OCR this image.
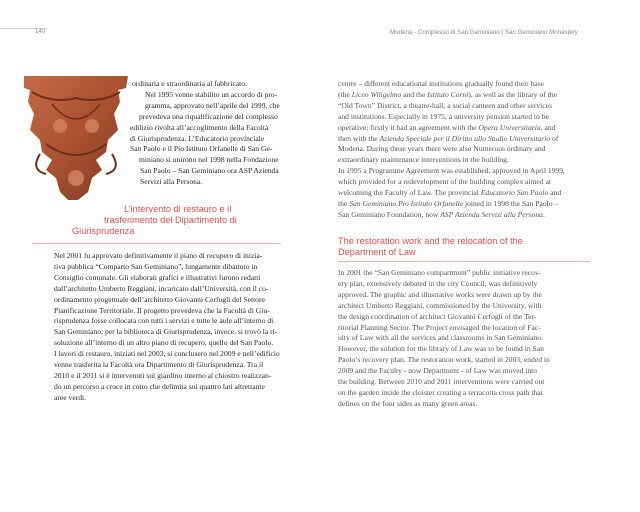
140	Modena - Complesso di San Geminiano | San Geminiano Monastery
ordinaria e straordinaria al fabbricato.
Nel 1995 venne stabilito un accordo di pro-
gramma, approvato nell’aprile del 1999, che
prevedeva una riqualificazione del complesso
edilizio rivolta all’accoglimento della Facoltà
di Giurisprudenza. L’Educatorio provinciale
San Paolo e il Pio Istituto Orfanelle di San Ge-
miniano si unirono nel 1998 nella Fondazione
San Paolo – San Geminiano ora ASP Azienda
Servizi alla Persona.
L’intervento di restauro e il
trasferimento del Dipartimento di
Giurisprudenza
Nel 2001 fu approvato definitivamente il piano di recupero di inizia-
tiva pubblica “Comparto San Geminiano”, lungamente dibattuto in
Consiglio comunale. Gli elaborati grafici e illustrativi furono redatti
dall’architetto Umberto Reggiani, incaricato dall’Università, con il co-
ordinamento progettuale dell’architetto Giovanni Cerfogli del Settore
Pianificazione Territoriale. Il progetto prevedeva che la Facoltà di Giu-
risprudenza fosse collocata con tutti i servizi e tutte le aule all’interno di
San Geminiano; per la biblioteca di Giurisprudenza, invece, si trovò la ri-
soluzione all’interno di un altro piano di recupero, quello del San Paolo.
I lavori di restauro, iniziati nel 2003, si conclusero nel 2009 e nell’edificio
venne trasferita la Facoltà ora Dipartimento di Giurisprudenza. Tra il
2010 e il 2011 si è intervenuti sul giardino interno al chiostro realizzan-
do un percorso a croce in cotto che delimita sui quattro lati altrettante
aree verdi.
centre – different educational institutions gradually found their base
(the Liceo Wiligelmo and the Istituto Corni), as well as the library of the
“Old Town” District, a theatre-hall, a social canteen and other services
and institutions. Especially in 1975, a university pension started to be
operative; firstly it had an agreement with the Opera Universitaria, and
then with the Azienda Speciale per il Diritto allo Studio Universitario of
Modena. During these years there were also Numerous ordinary and
extraordinary maintenance interventions in the building.
In 1995 a Programme Agreement was established, approved in April 1999,
which provided for a redevelopment of the building complex aimed at
welcoming the Faculty of Law. The provincial Educatorio San Paolo and
the San Geminiano Pio Istituto Orfanelle joined in 1998 the San Paolo –
San Geminiano Foundation, now ASP Azienda Servizi alla Persona.
The restoration work and the relocation of the
Department of Law
In 2001 the “San Geminiano compartment” public initiative recov-
ery plan, extensively debated in the city Council, was definitively
approved. The graphic and illustrative works were drawn up by the
architect Umberto Reggiani, commissioned by the University, with
the design coordination of architect Giovanni Cerfogli of the Ter-
ritorial Planning Sector. The Project envisaged the location of Fac-
ulty of Law with all the services and classrooms in San Geminiano.
However, the solution for the library of Law was to be found in San
Paolo’s recovery plan. The restoration work, started in 2003, ended in
2009 and the Faculty - now Department - of Law was moved into
the building. Between 2010 and 2011 interventions were carried out
on the garden inside the cloister creating a terracotta cross path that
defines on the four sides as many green areas.
